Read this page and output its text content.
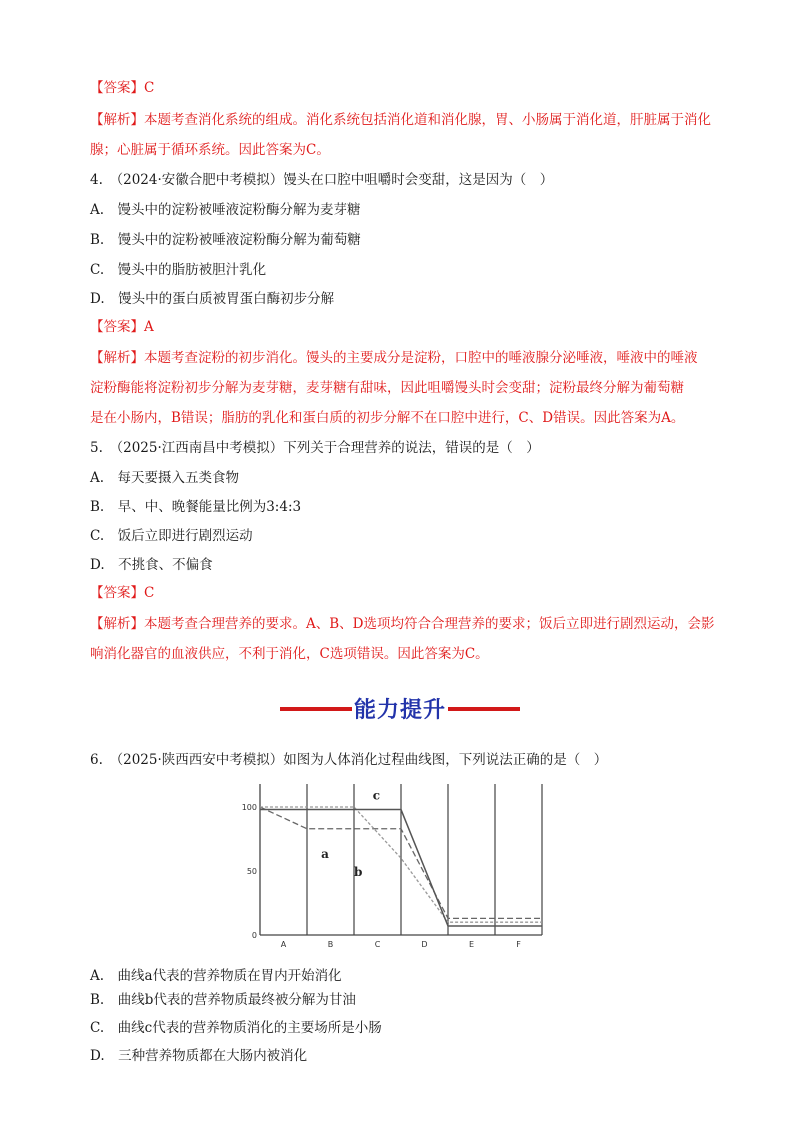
【答案】C
【解析】本题考查消化系统的组成。消化系统包括消化道和消化腺，胃、小肠属于消化道，肝脏属于消化
腺；心脏属于循环系统。因此答案为C。
4.　（2024·安徽合肥中考模拟）馒头在口腔中咀嚼时会变甜，这是因为（　）
A.　馒头中的淀粉被唾液淀粉酶分解为麦芽糖
B.　馒头中的淀粉被唾液淀粉酶分解为葡萄糖
C.　馒头中的脂肪被胆汁乳化
D.　馒头中的蛋白质被胃蛋白酶初步分解
【答案】A
【解析】本题考查淀粉的初步消化。馒头的主要成分是淀粉，口腔中的唾液腺分泌唾液，唾液中的唾液
淀粉酶能将淀粉初步分解为麦芽糖，麦芽糖有甜味，因此咀嚼馒头时会变甜；淀粉最终分解为葡萄糖
是在小肠内，B错误；脂肪的乳化和蛋白质的初步分解不在口腔中进行，C、D错误。因此答案为A。
5.　（2025·江西南昌中考模拟）下列关于合理营养的说法，错误的是（　）
A.　每天要摄入五类食物
B.　早、中、晚餐能量比例为3:4:3
C.　饭后立即进行剧烈运动
D.　不挑食、不偏食
【答案】C
【解析】本题考查合理营养的要求。A、B、D选项均符合合理营养的要求；饭后立即进行剧烈运动，会影
响消化器官的血液供应，不利于消化，C选项错误。因此答案为C。
6.　（2025·陕西西安中考模拟）如图为人体消化过程曲线图，下列说法正确的是（　）
A.　曲线a代表的营养物质在胃内开始消化
B.　曲线b代表的营养物质最终被分解为甘油
C.　曲线c代表的营养物质消化的主要场所是小肠
D.　三种营养物质都在大肠内被消化
能力提升
0
50
100
A	B	C	D	E	F
a
b
c
